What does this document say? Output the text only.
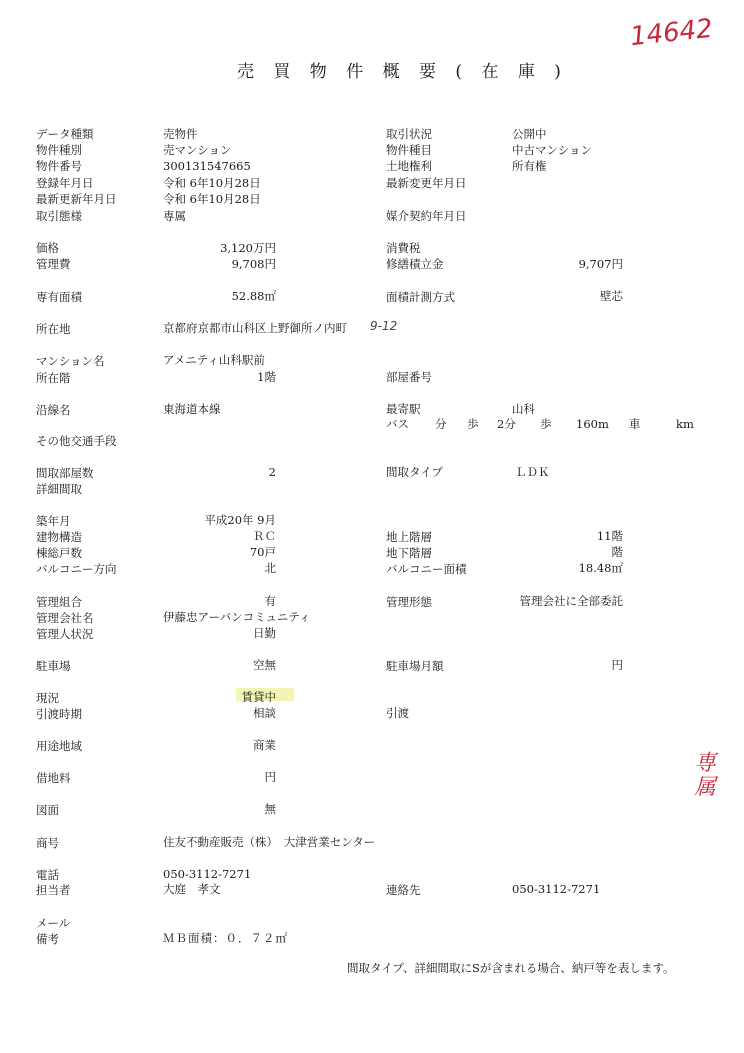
14642
9-12
専属
売 買 物 件 概 要 ( 在 庫 )
データ種類	売物件
物件種別	売マンション
物件番号	300131547665
登録年月日	令和 6年10月28日
最新更新年月日	令和 6年10月28日
取引態様	専属
取引状況	公開中
物件種目	中古マンション
土地権利	所有権
最新変更年月日
媒介契約年月日
価格	3,120万円
管理費	9,708円
消費税
修繕積立金	9,707円
専有面積	52.88㎡	面積計測方式	壁芯
所在地	京都府京都市山科区上野御所ノ内町
マンション名	アメニティ山科駅前
所在階	1階	部屋番号
沿線名	東海道本線	最寄駅	山科
バス 分 歩 2分 歩 160m 車	km
その他交通手段
間取部屋数	2	間取タイプ	ＬＤＫ
詳細間取
築年月	平成20年 9月
建物構造	ＲＣ
棟総戸数	70戸
バルコニー方向	北
地上階層	11階
地下階層	階
バルコニー面積	18.48㎡
管理組合	有
管理会社名	伊藤忠アーバンコミュニティ
管理人状況	日勤
管理形態	管理会社に全部委託
駐車場	空無	駐車場月額	円
現況	賃貸中
引渡時期	相談	引渡
用途地域	商業
借地料	円
図面	無
商号	住友不動産販売（株）　大津営業センター
電話	050-3112-7271
担当者	大庭　孝文	連絡先	050-3112-7271
メール
備考	ＭＢ面積：０．７２㎡
間取タイプ、詳細間取にSが含まれる場合、納戸等を表します。
